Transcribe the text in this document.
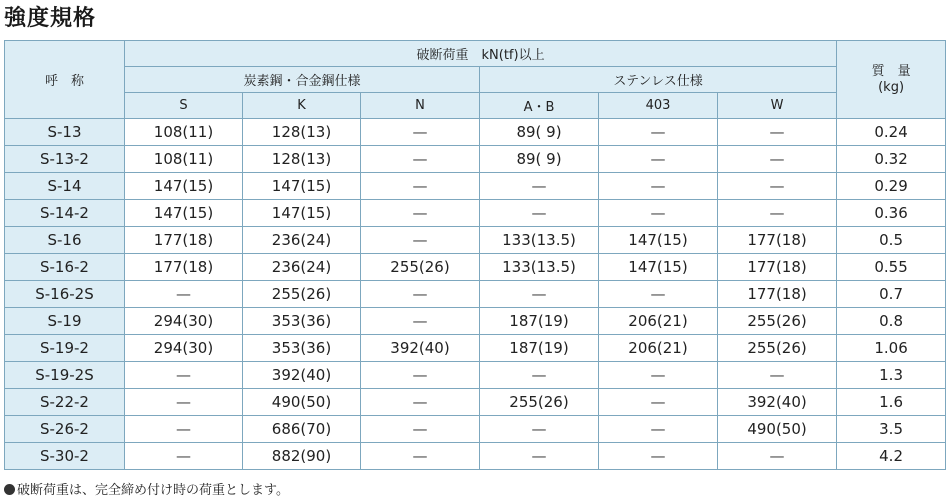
強度規格
呼　称	破断荷重　kN(tf)以上						質　量
(kg)

	炭素鋼・合金鋼仕様			ステンレス仕様			
	S	K	N	A・B	403	W	
S-13	108(11)	128(13)	—	89( 9)	—	—	0.24
S-13-2	108(11)	128(13)	—	89( 9)	—	—	0.32
S-14	147(15)	147(15)	—	—	—	—	0.29
S-14-2	147(15)	147(15)	—	—	—	—	0.36
S-16	177(18)	236(24)	—	133(13.5)	147(15)	177(18)	0.5
S-16-2	177(18)	236(24)	255(26)	133(13.5)	147(15)	177(18)	0.55
S-16-2S	—	255(26)	—	—	—	177(18)	0.7
S-19	294(30)	353(36)	—	187(19)	206(21)	255(26)	0.8
S-19-2	294(30)	353(36)	392(40)	187(19)	206(21)	255(26)	1.06
S-19-2S	—	392(40)	—	—	—	—	1.3
S-22-2	—	490(50)	—	255(26)	—	392(40)	1.6
S-26-2	—	686(70)	—	—	—	490(50)	3.5
S-30-2	—	882(90)	—	—	—	—	4.2
破断荷重は、完全締め付け時の荷重とします。
